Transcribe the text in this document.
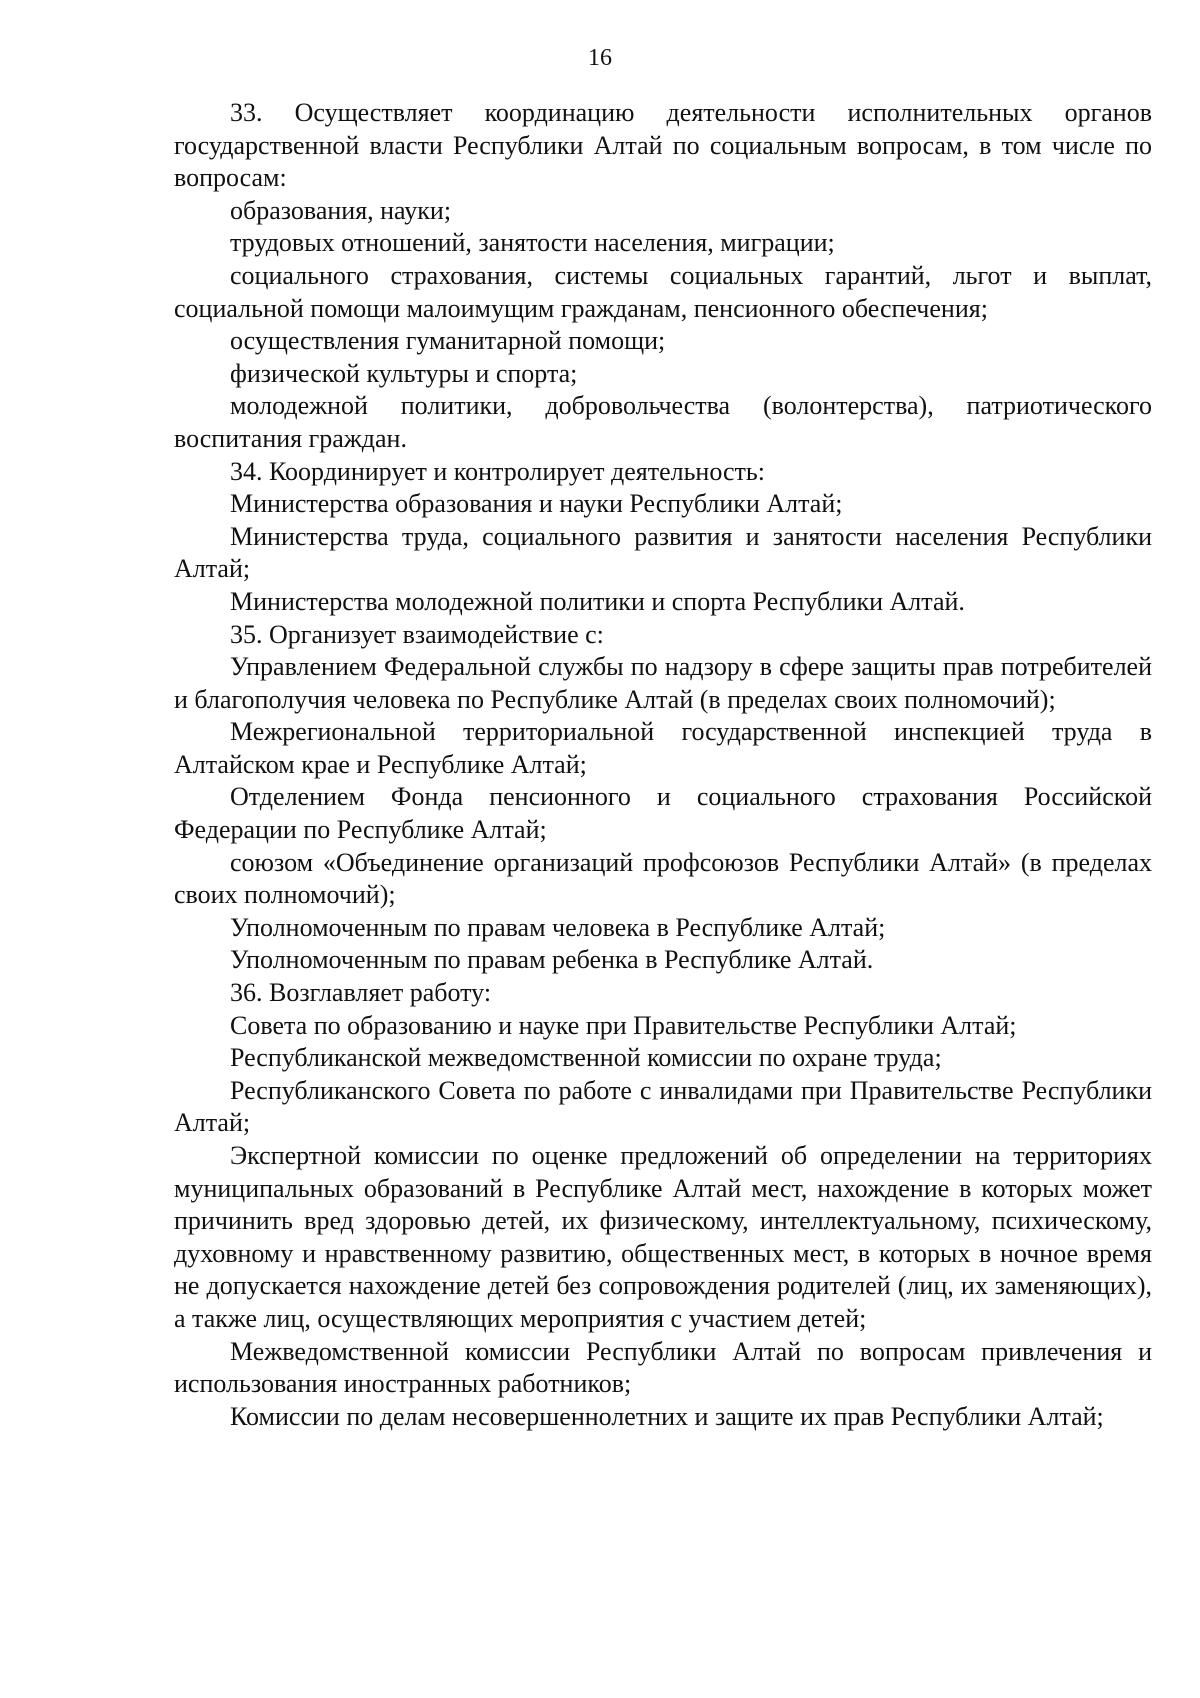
16

33. Осуществляет координацию деятельности исполнительных органов государственной власти Республики Алтай по социальным вопросам, в том числе по вопросам:

образования, науки;

трудовых отношений, занятости населения, миграции;

социального страхования, системы социальных гарантий, льгот и выплат, социальной помощи малоимущим гражданам, пенсионного обеспечения;

осуществления гуманитарной помощи;

физической культуры и спорта;

молодежной политики, добровольчества (волонтерства), патриотического воспитания граждан.

34. Координирует и контролирует деятельность:

Министерства образования и науки Республики Алтай;

Министерства труда, социального развития и занятости населения Республики Алтай;

Министерства молодежной политики и спорта Республики Алтай.

35. Организует взаимодействие с:

Управлением Федеральной службы по надзору в сфере защиты прав потребителей и благополучия человека по Республике Алтай (в пределах своих полномочий);

Межрегиональной территориальной государственной инспекцией труда в Алтайском крае и Республике Алтай;

Отделением Фонда пенсионного и социального страхования Российской Федерации по Республике Алтай;

союзом «Объединение организаций профсоюзов Республики Алтай» (в пределах своих полномочий);

Уполномоченным по правам человека в Республике Алтай;

Уполномоченным по правам ребенка в Республике Алтай.

36. Возглавляет работу:

Совета по образованию и науке при Правительстве Республики Алтай;

Республиканской межведомственной комиссии по охране труда;

Республиканского Совета по работе с инвалидами при Правительстве Республики Алтай;

Экспертной комиссии по оценке предложений об определении на территориях муниципальных образований в Республике Алтай мест, нахождение в которых может причинить вред здоровью детей, их физическому, интеллектуальному, психическому, духовному и нравственному развитию, общественных мест, в которых в ночное время не допускается нахождение детей без сопровождения родителей (лиц, их заменяющих), а также лиц, осуществляющих мероприятия с участием детей;

Межведомственной комиссии Республики Алтай по вопросам привлечения и использования иностранных работников;

Комиссии по делам несовершеннолетних и защите их прав Республики Алтай;
